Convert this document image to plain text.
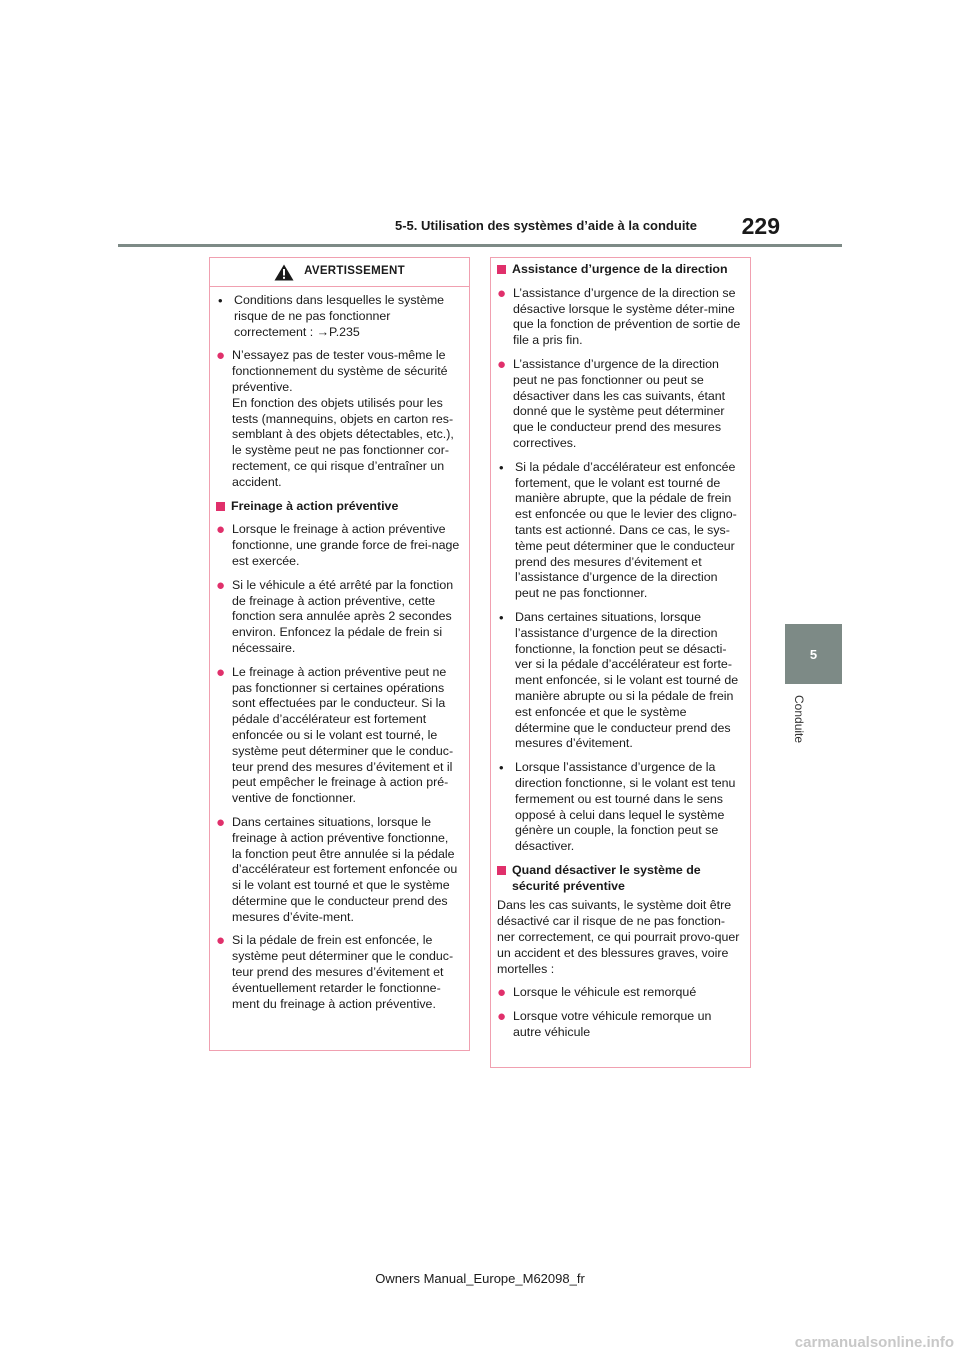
5-5. Utilisation des systèmes d’aide à la conduite	229
5
Conduite
AVERTISSEMENT
• Conditions dans lesquelles le système risque de ne pas fonctionner correctement : →P.235
● N’essayez pas de tester vous-même le fonctionnement du système de sécurité préventive.
En fonction des objets utilisés pour les tests (mannequins, objets en carton res-semblant à des objets détectables, etc.), le système peut ne pas fonctionner cor-rectement, ce qui risque d’entraîner un accident.
Freinage à action préventive
● Lorsque le freinage à action préventive fonctionne, une grande force de frei-nage est exercée.
● Si le véhicule a été arrêté par la fonction de freinage à action préventive, cette fonction sera annulée après 2 secondes environ. Enfoncez la pédale de frein si nécessaire.
● Le freinage à action préventive peut ne pas fonctionner si certaines opérations sont effectuées par le conducteur. Si la pédale d’accélérateur est fortement enfoncée ou si le volant est tourné, le système peut déterminer que le conduc-teur prend des mesures d’évitement et il peut empêcher le freinage à action pré-ventive de fonctionner.
● Dans certaines situations, lorsque le freinage à action préventive fonctionne, la fonction peut être annulée si la pédale d’accélérateur est fortement enfoncée ou si le volant est tourné et que le système détermine que le conducteur prend des mesures d’évite-ment.
● Si la pédale de frein est enfoncée, le système peut déterminer que le conduc-teur prend des mesures d’évitement et éventuellement retarder le fonctionne-ment du freinage à action préventive.
Assistance d’urgence de la direction
● L’assistance d’urgence de la direction se désactive lorsque le système déter-mine que la fonction de prévention de sortie de file a pris fin.
● L’assistance d’urgence de la direction peut ne pas fonctionner ou peut se désactiver dans les cas suivants, étant donné que le système peut déterminer que le conducteur prend des mesures correctives.
• Si la pédale d’accélérateur est enfoncée fortement, que le volant est tourné de manière abrupte, que la pédale de frein est enfoncée ou que le levier des cligno-tants est actionné. Dans ce cas, le sys-tème peut déterminer que le conducteur prend des mesures d’évitement et l’assistance d’urgence de la direction peut ne pas fonctionner.
• Dans certaines situations, lorsque l’assistance d’urgence de la direction fonctionne, la fonction peut se désacti-ver si la pédale d’accélérateur est forte-ment enfoncée, si le volant est tourné de manière abrupte ou si la pédale de frein est enfoncée et que le système détermine que le conducteur prend des mesures d’évitement.
• Lorsque l’assistance d’urgence de la direction fonctionne, si le volant est tenu fermement ou est tourné dans le sens opposé à celui dans lequel le système génère un couple, la fonction peut se désactiver.
Quand désactiver le système de sécurité préventive
Dans les cas suivants, le système doit être désactivé car il risque de ne pas fonction-ner correctement, ce qui pourrait provo-quer un accident et des blessures graves, voire mortelles :
● Lorsque le véhicule est remorqué
● Lorsque votre véhicule remorque un autre véhicule
Owners Manual_Europe_M62098_fr
carmanualsonline.info
